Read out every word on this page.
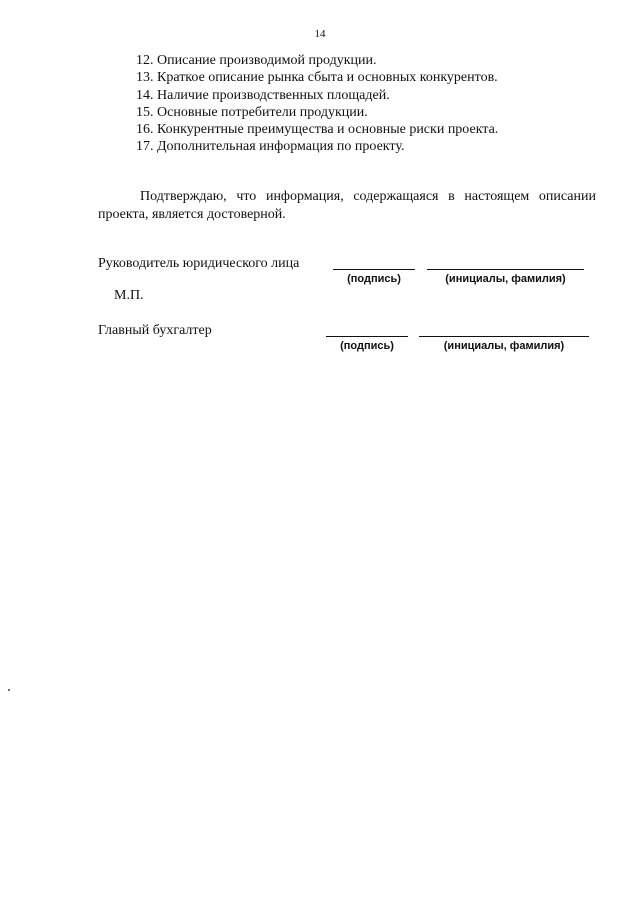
14
12. Описание производимой продукции.
13. Краткое описание рынка сбыта и основных конкурентов.
14. Наличие производственных площадей.
15. Основные потребители продукции.
16. Конкурентные преимущества и основные риски проекта.
17. Дополнительная информация по проекту.
Подтверждаю, что информация, содержащаяся в настоящем описании
проекта, является достоверной.
Руководитель юридического лица
(подпись)	(инициалы, фамилия)
М.П.
Главный бухгалтер
(подпись)	(инициалы, фамилия)
